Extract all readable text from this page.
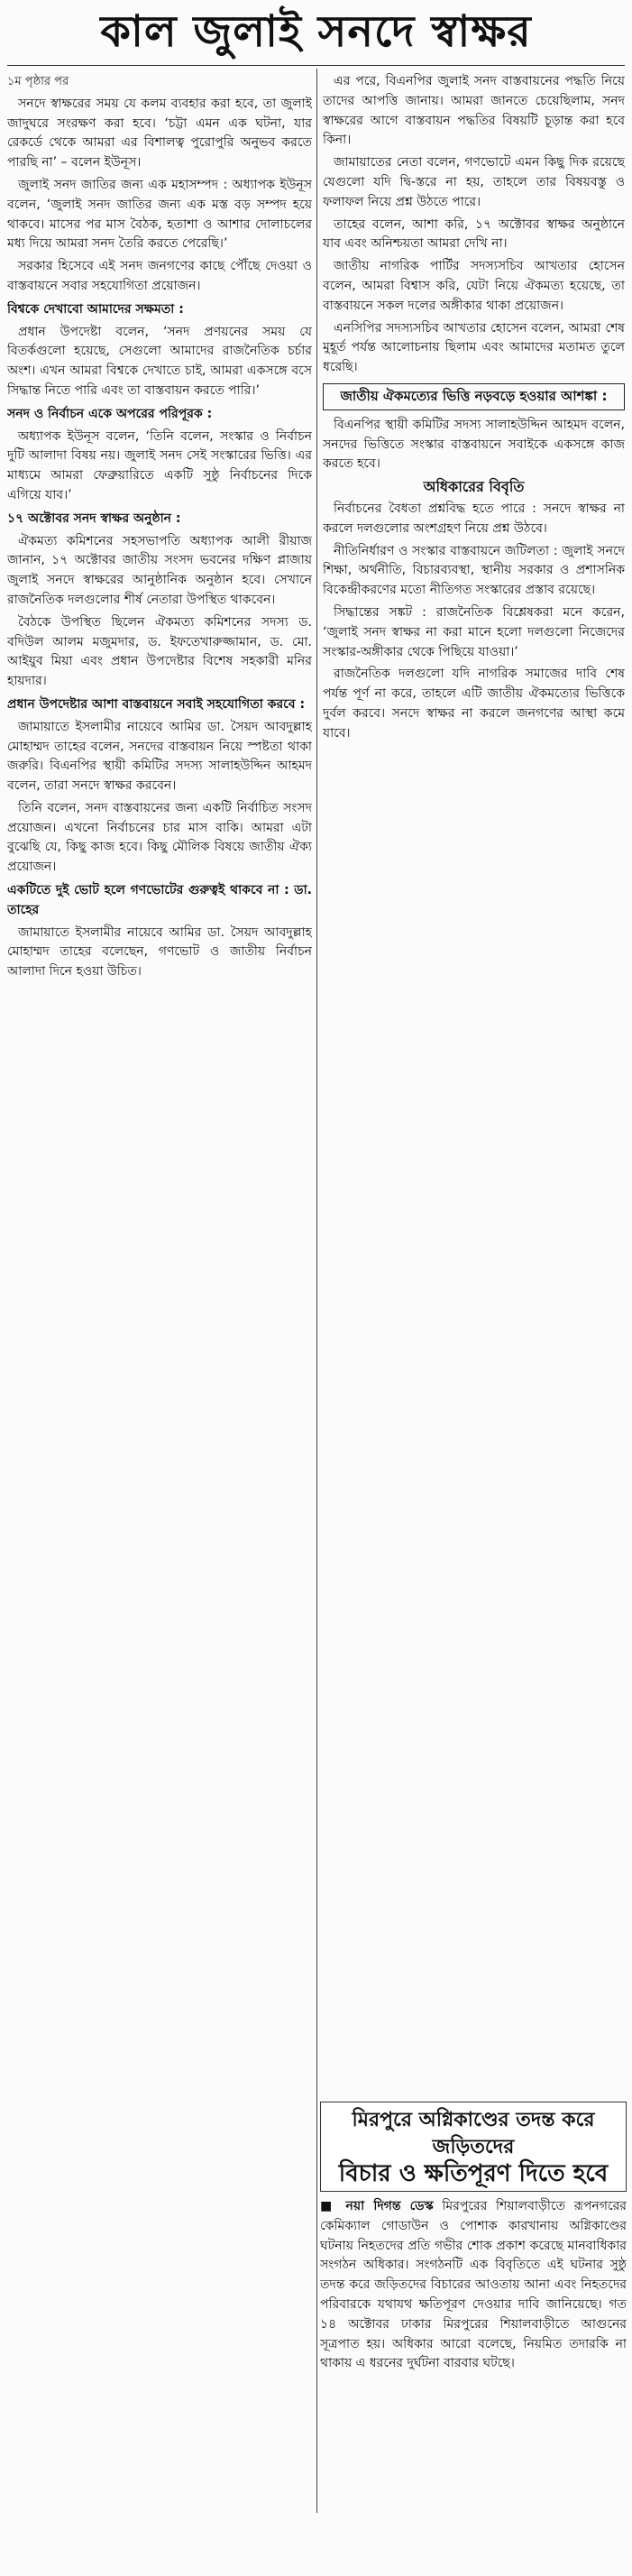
কাল জুলাই সনদে স্বাক্ষর

১ম পৃষ্ঠার পর

সনদে স্বাক্ষরের সময় যে কলম ব্যবহার করা হবে, তা জুলাই জাদুঘরে সংরক্ষণ করা হবে। ‘চট্টা এমন এক ঘটনা, যার রেকর্ডে থেকে আমরা এর বিশালত্ব পুরোপুরি অনুভব করতে পারছি না’ – বলেন ইউনূস।

জুলাই সনদ জাতির জন্য এক মহাসম্পদ : অধ্যাপক ইউনূস বলেন, ‘জুলাই সনদ জাতির জন্য এক মস্ত বড় সম্পদ হয়ে থাকবে। মাসের পর মাস বৈঠক, হতাশা ও আশার দোলাচলের মধ্য দিয়ে আমরা সনদ তৈরি করতে পেরেছি।’

সরকার হিসেবে এই সনদ জনগণের কাছে পৌঁছে দেওয়া ও বাস্তবায়নে সবার সহযোগিতা প্রয়োজন।

বিশ্বকে দেখাবো আমাদের সক্ষমতা :

প্রধান উপদেষ্টা বলেন, ‘সনদ প্রণয়নের সময় যে বিতর্কগুলো হয়েছে, সেগুলো আমাদের রাজনৈতিক চর্চার অংশ। এখন আমরা বিশ্বকে দেখাতে চাই, আমরা একসঙ্গে বসে সিদ্ধান্ত নিতে পারি এবং তা বাস্তবায়ন করতে পারি।’

সনদ ও নির্বাচন একে অপরের পরিপূরক :

অধ্যাপক ইউনূস বলেন, ‘তিনি বলেন, সংস্কার ও নির্বাচন দুটি আলাদা বিষয় নয়। জুলাই সনদ সেই সংস্কারের ভিত্তি। এর মাধ্যমে আমরা ফেব্রুয়ারিতে একটি সুষ্ঠু নির্বাচনের দিকে এগিয়ে যাব।’

১৭ অক্টোবর সনদ স্বাক্ষর অনুষ্ঠান :

ঐকমত্য কমিশনের সহসভাপতি অধ্যাপক আলী রীয়াজ জানান, ১৭ অক্টোবর জাতীয় সংসদ ভবনের দক্ষিণ প্লাজায় জুলাই সনদে স্বাক্ষরের আনুষ্ঠানিক অনুষ্ঠান হবে। সেখানে রাজনৈতিক দলগুলোর শীর্ষ নেতারা উপস্থিত থাকবেন।

বৈঠকে উপস্থিত ছিলেন ঐকমত্য কমিশনের সদস্য ড. বদিউল আলম মজুমদার, ড. ইফতেখারুজ্জামান, ড. মো. আইয়ুব মিয়া এবং প্রধান উপদেষ্টার বিশেষ সহকারী মনির হায়দার।

প্রধান উপদেষ্টার আশা বাস্তবায়নে সবাই সহযোগিতা করবে :

জামায়াতে ইসলামীর নায়েবে আমির ডা. সৈয়দ আবদুল্লাহ মোহাম্মদ তাহের বলেন, সনদের বাস্তবায়ন নিয়ে স্পষ্টতা থাকা জরুরি। বিএনপির স্থায়ী কমিটির সদস্য সালাহউদ্দিন আহমদ বলেন, তারা সনদে স্বাক্ষর করবেন।

তিনি বলেন, সনদ বাস্তবায়নের জন্য একটি নির্বাচিত সংসদ প্রয়োজন। এখনো নির্বাচনের চার মাস বাকি। আমরা এটা বুঝেছি যে, কিছু কাজ হবে। কিছু মৌলিক বিষয়ে জাতীয় ঐক্য প্রয়োজন।

একটিতে দুই ভোট হলে গণভোটের গুরুত্বই থাকবে না : ডা. তাহের

জামায়াতে ইসলামীর নায়েবে আমির ডা. সৈয়দ আবদুল্লাহ মোহাম্মদ তাহের বলেছেন, গণভোট ও জাতীয় নির্বাচন আলাদা দিনে হওয়া উচিত।

এর পরে, বিএনপির জুলাই সনদ বাস্তবায়নের পদ্ধতি নিয়ে তাদের আপত্তি জানায়। আমরা জানতে চেয়েছিলাম, সনদ স্বাক্ষরের আগে বাস্তবায়ন পদ্ধতির বিষয়টি চূড়ান্ত করা হবে কিনা।

জামায়াতের নেতা বলেন, গণভোটে এমন কিছু দিক রয়েছে যেগুলো যদি দ্বি-স্তরে না হয়, তাহলে তার বিষয়বস্তু ও ফলাফল নিয়ে প্রশ্ন উঠতে পারে।

তাহের বলেন, আশা করি, ১৭ অক্টোবর স্বাক্ষর অনুষ্ঠানে যাব এবং অনিশ্চয়তা আমরা দেখি না।

জাতীয় নাগরিক পার্টির সদস্যসচিব আখতার হোসেন বলেন, আমরা বিশ্বাস করি, যেটা নিয়ে ঐকমত্য হয়েছে, তা বাস্তবায়নে সকল দলের অঙ্গীকার থাকা প্রয়োজন।

এনসিপির সদস্যসচিব আখতার হোসেন বলেন, আমরা শেষ মুহূর্ত পর্যন্ত আলোচনায় ছিলাম এবং আমাদের মতামত তুলে ধরেছি।

জাতীয় ঐকমত্যের ভিত্তি নড়বড়ে হওয়ার আশঙ্কা :

বিএনপির স্থায়ী কমিটির সদস্য সালাহউদ্দিন আহমদ বলেন, সনদের ভিত্তিতে সংস্কার বাস্তবায়নে সবাইকে একসঙ্গে কাজ করতে হবে।

অধিকারের বিবৃতি

নির্বাচনের বৈধতা প্রশ্নবিদ্ধ হতে পারে : সনদে স্বাক্ষর না করলে দলগুলোর অংশগ্রহণ নিয়ে প্রশ্ন উঠবে।

নীতিনির্ধারণ ও সংস্কার বাস্তবায়নে জটিলতা : জুলাই সনদে শিক্ষা, অর্থনীতি, বিচারব্যবস্থা, স্থানীয় সরকার ও প্রশাসনিক বিকেন্দ্রীকরণের মতো নীতিগত সংস্কারের প্রস্তাব রয়েছে।

সিদ্ধান্তের সঙ্কট : রাজনৈতিক বিশ্লেষকরা মনে করেন, ‘জুলাই সনদ স্বাক্ষর না করা মানে হলো দলগুলো নিজেদের সংস্কার-অঙ্গীকার থেকে পিছিয়ে যাওয়া।’

রাজনৈতিক দলগুলো যদি নাগরিক সমাজের দাবি শেষ পর্যন্ত পূর্ণ না করে, তাহলে এটি জাতীয় ঐকমত্যের ভিত্তিকে দুর্বল করবে। সনদে স্বাক্ষর না করলে জনগণের আস্থা কমে যাবে।

মিরপুরে অগ্নিকাণ্ডের তদন্ত করে জড়িতদের
বিচার ও ক্ষতিপূরণ দিতে হবে
■ নয়া দিগন্ত ডেস্ক মিরপুরের শিয়ালবাড়ীতে রূপনগরের কেমিক্যাল গোডাউন ও পোশাক কারখানায় অগ্নিকাণ্ডের ঘটনায় নিহতদের প্রতি গভীর শোক প্রকাশ করেছে মানবাধিকার সংগঠন অধিকার। সংগঠনটি এক বিবৃতিতে এই ঘটনার সুষ্ঠু তদন্ত করে জড়িতদের বিচারের আওতায় আনা এবং নিহতদের পরিবারকে যথাযথ ক্ষতিপূরণ দেওয়ার দাবি জানিয়েছে। গত ১৪ অক্টোবর ঢাকার মিরপুরের শিয়ালবাড়ীতে আগুনের সূত্রপাত হয়। অধিকার আরো বলেছে, নিয়মিত তদারকি না থাকায় এ ধরনের দুর্ঘটনা বারবার ঘটছে।
